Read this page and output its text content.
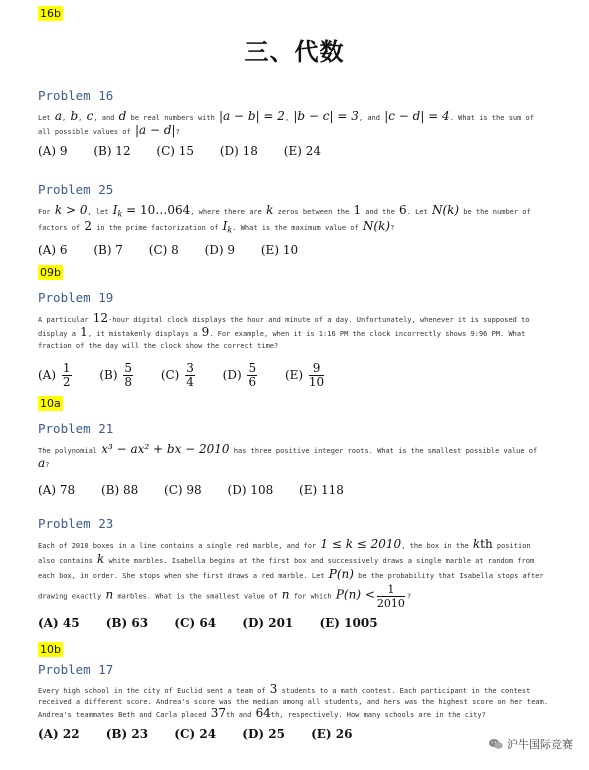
16b
三、代数
Problem 16
Let a, b, c, and d be real numbers with |a − b| = 2, |b − c| = 3, and |c − d| = 4. What is the sum of all possible values of |a − d|?
(A) 9 (B) 12 (C) 15 (D) 18 (E) 24
Problem 25
For k > 0, let $I_k$ = 10…064, where there are k zeros between the 1 and the 6. Let N(k) be the number of factors of 2 in the prime factorization of $I_k$. What is the maximum value of N(k)?
(A) 6 (B) 7 (C) 8 (D) 9 (E) 10
09b
Problem 19
A particular 12-hour digital clock displays the hour and minute of a day. Unfortunately, whenever it is supposed to display a 1, it mistakenly displays a 9. For example, when it is 1:16 PM the clock incorrectly shows 9:96 PM. What fraction of the day will the clock show the correct time?
$(A) \frac{1}{2} (B) \frac{5}{8} (C) \frac{3}{4} (D) \frac{5}{6} (E) \frac{9}{10}$
10a
Problem 21
The polynomial x³ − ax² + bx − 2010 has three positive integer roots. What is the smallest possible value of a?
(A) 78 (B) 88 (C) 98 (D) 108 (E) 118
Problem 23
Each of 2010 boxes in a line contains a single red marble, and for 1 ≤ k ≤ 2010, the box in the kth position also contains k white marbles. Isabella begins at the first box and successively draws a single marble at random from each box, in order. She stops when she first draws a red marble. Let P(n) be the probability that Isabella stops after drawing exactly n marbles. What is the smallest value of n for which $P(n) < \frac{1}{2010}$ ?
(A) 45 (B) 63 (C) 64 (D) 201 (E) 1005
10b
Problem 17
Every high school in the city of Euclid sent a team of 3 students to a math contest. Each participant in the contest received a different score. Andrea's score was the median among all students, and hers was the highest score on her team. Andrea's teammates Beth and Carla placed 37th and 64th, respectively. How many schools are in the city?
(A) 22 (B) 23 (C) 24 (D) 25 (E) 26
沪牛国际竞赛
